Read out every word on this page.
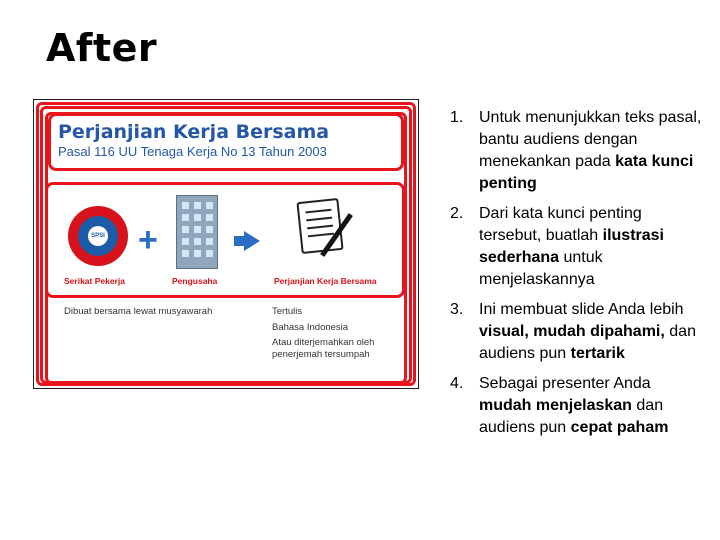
After
Perjanjian Kerja Bersama
Pasal 116 UU Tenaga Kerja No 13 Tahun 2003
SPSI +
Serikat Pekerja	Pengusaha	Perjanjian Kerja Bersama
Dibuat bersama lewat musyawarah	Tertulis
Bahasa Indonesia
Atau diterjemahkan oleh penerjemah tersumpah
1. Untuk menunjukkan teks pasal, bantu audiens dengan menekankan pada kata kunci penting
2. Dari kata kunci penting tersebut, buatlah ilustrasi sederhana untuk menjelaskannya
3. Ini membuat slide Anda lebih visual, mudah dipahami, dan audiens pun tertarik
4. Sebagai presenter Anda mudah menjelaskan dan audiens pun cepat paham
